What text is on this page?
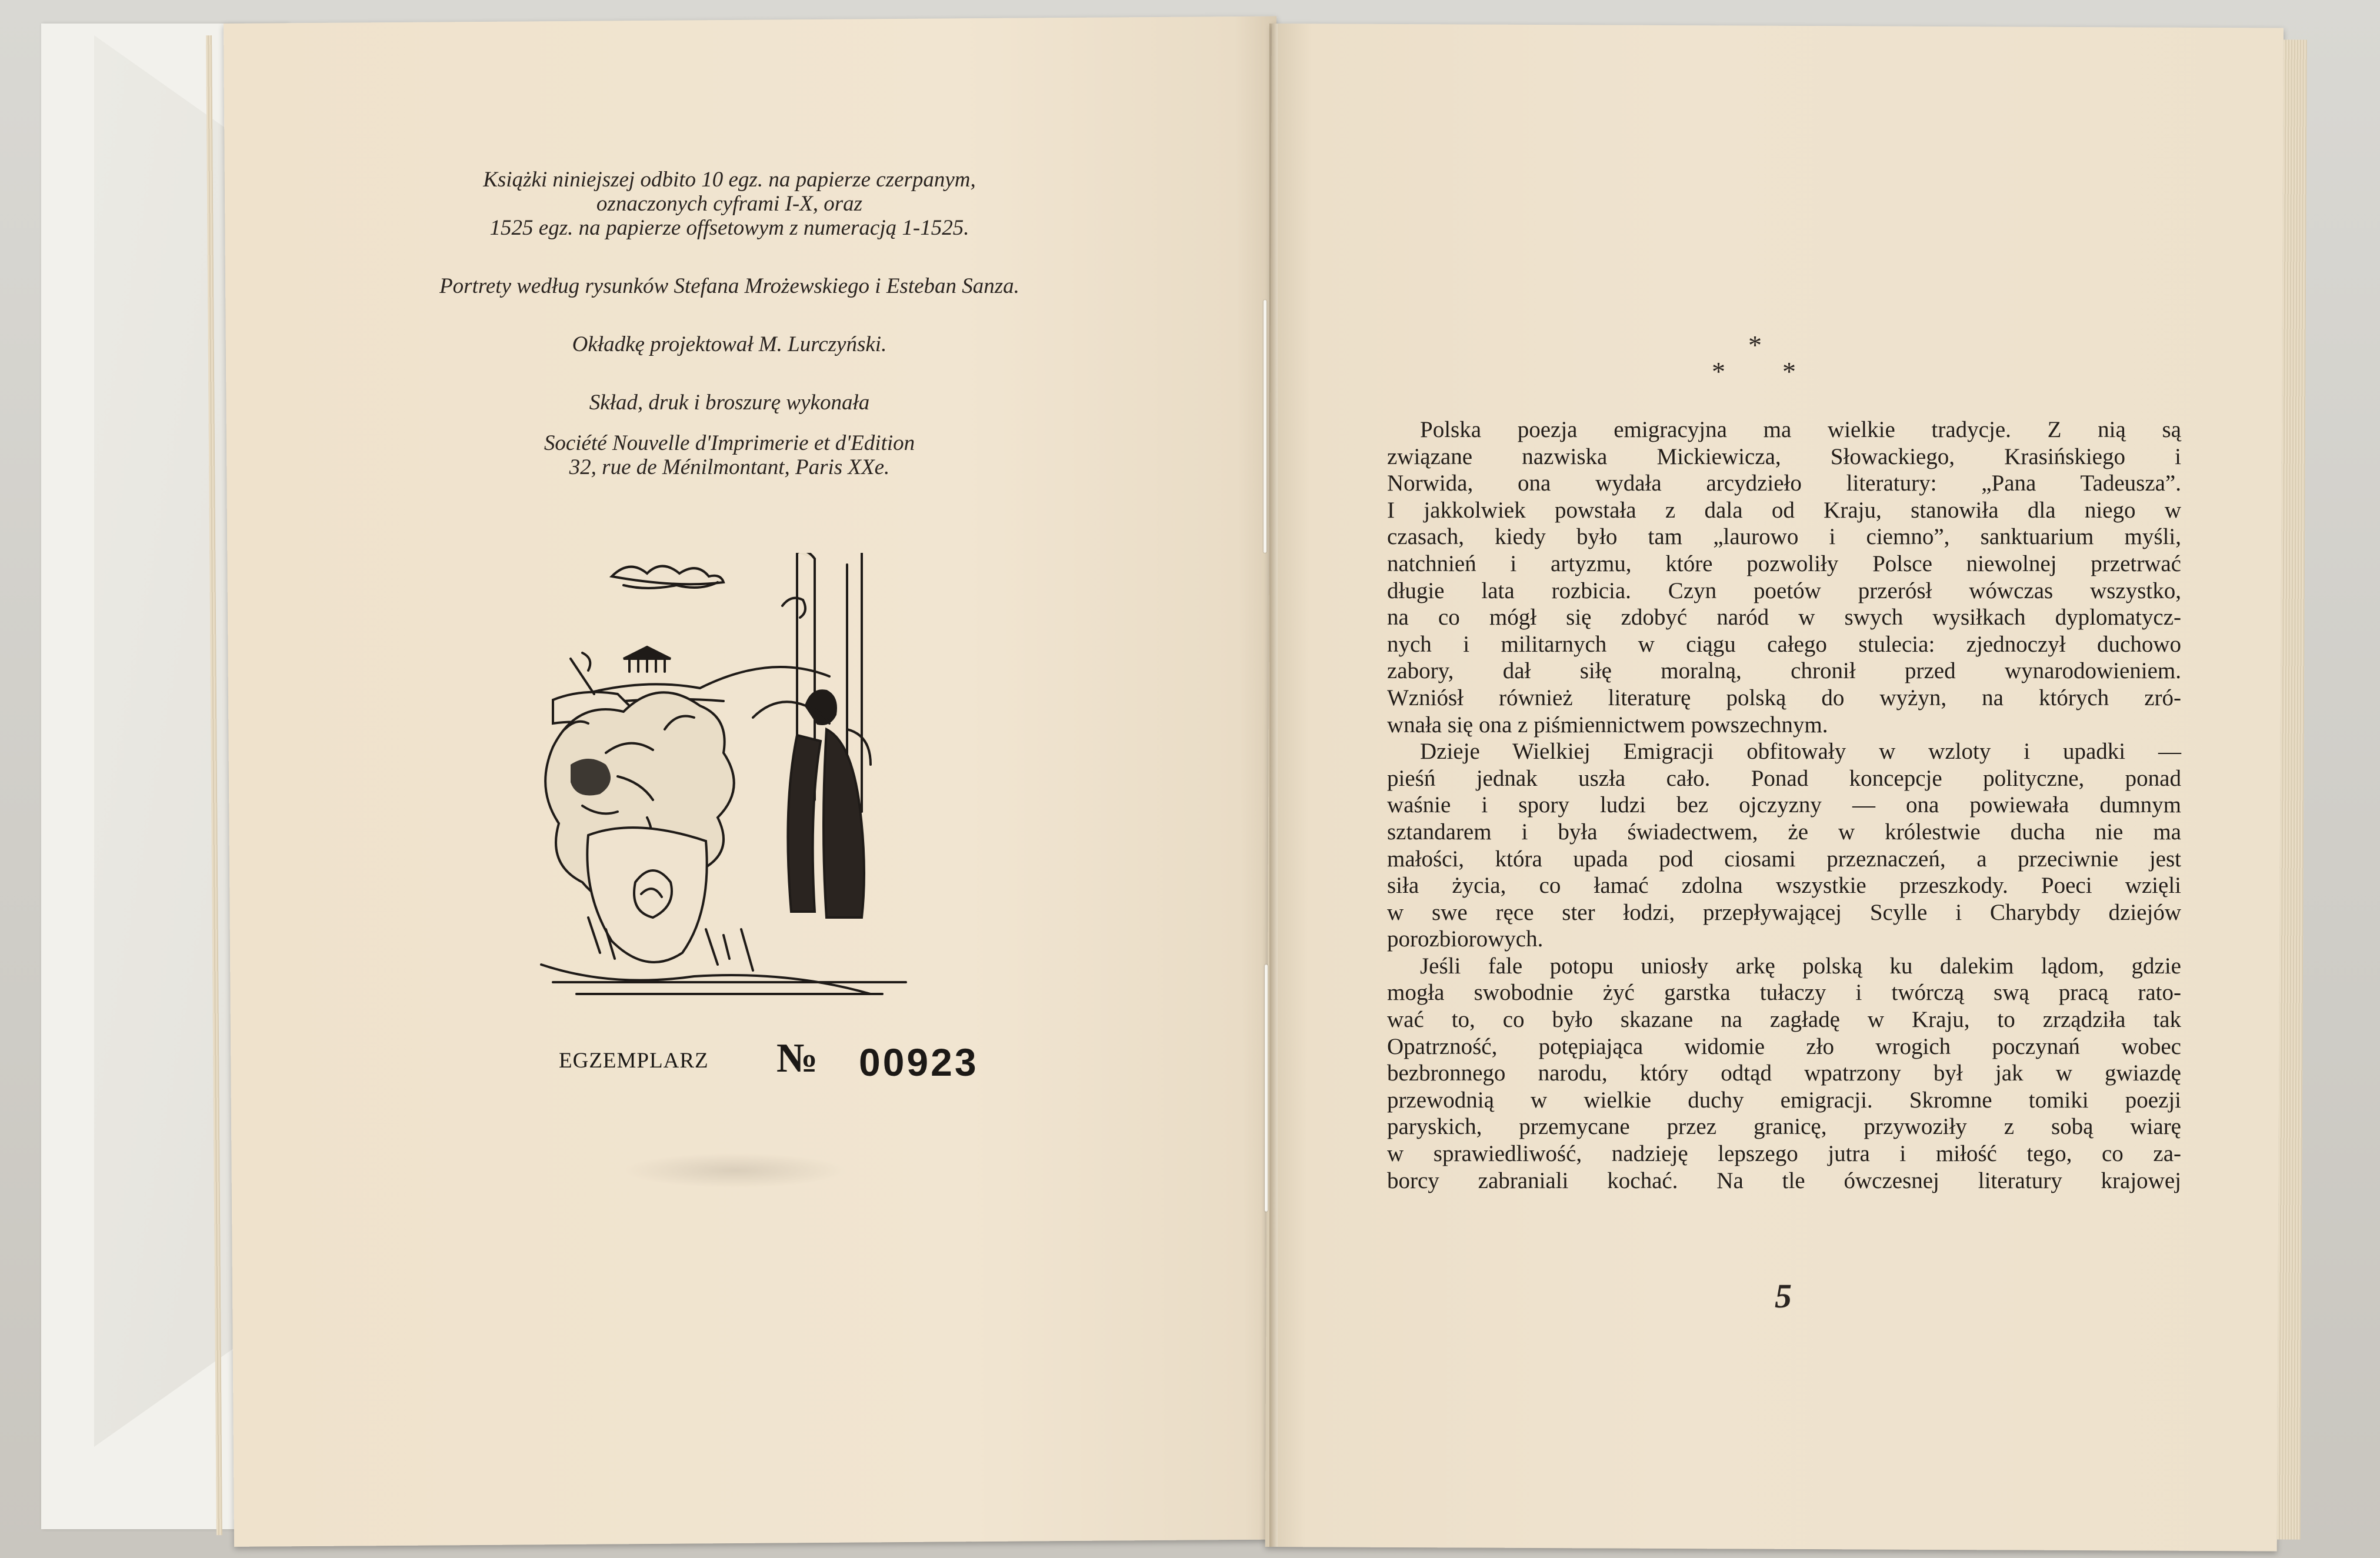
Książki niniejszej odbito 10 egz. na papierze czerpanym,
oznaczonych cyframi I-X, oraz
1525 egz. na papierze offsetowym z numeracją 1-1525.

Portrety według rysunków Stefana Mrożewskiego i Esteban Sanza.

Okładkę projektował M. Lurczyński.

Skład, druk i broszurę wykonała

Société Nouvelle d'Imprimerie et d'Edition
32, rue de Ménilmontant, Paris XXe.

EGZEMPLARZ № 00923
*
* *
Polska poezja emigracyjna ma wielkie tradycje. Z nią są
związane nazwiska Mickiewicza, Słowackiego, Krasińskiego i
Norwida, ona wydała arcydzieło literatury: „Pana Tadeusza”.
I jakkolwiek powstała z dala od Kraju, stanowiła dla niego w
czasach, kiedy było tam „laurowo i ciemno”, sanktuarium myśli,
natchnień i artyzmu, które pozwoliły Polsce niewolnej przetrwać
długie lata rozbicia. Czyn poetów przerósł wówczas wszystko,
na co mógł się zdobyć naród w swych wysiłkach dyplomatycz-
nych i militarnych w ciągu całego stulecia: zjednoczył duchowo
zabory, dał siłę moralną, chronił przed wynarodowieniem.
Wzniósł również literaturę polską do wyżyn, na których zró-
wnała się ona z piśmiennictwem powszechnym.
Dzieje Wielkiej Emigracji obfitowały w wzloty i upadki —
pieśń jednak uszła cało. Ponad koncepcje polityczne, ponad
waśnie i spory ludzi bez ojczyzny — ona powiewała dumnym
sztandarem i była świadectwem, że w królestwie ducha nie ma
małości, która upada pod ciosami przeznaczeń, a przeciwnie jest
siła życia, co łamać zdolna wszystkie przeszkody. Poeci wzięli
w swe ręce ster łodzi, przepływającej Scylle i Charybdy dziejów
porozbiorowych.
Jeśli fale potopu uniosły arkę polską ku dalekim lądom, gdzie
mogła swobodnie żyć garstka tułaczy i twórczą swą pracą rato-
wać to, co było skazane na zagładę w Kraju, to zrządziła tak
Opatrzność, potępiająca widomie zło wrogich poczynań wobec
bezbronnego narodu, który odtąd wpatrzony był jak w gwiazdę
przewodnią w wielkie duchy emigracji. Skromne tomiki poezji
paryskich, przemycane przez granicę, przywoziły z sobą wiarę
w sprawiedliwość, nadzieję lepszego jutra i miłość tego, co za-
borcy zabraniali kochać. Na tle ówczesnej literatury krajowej
5
